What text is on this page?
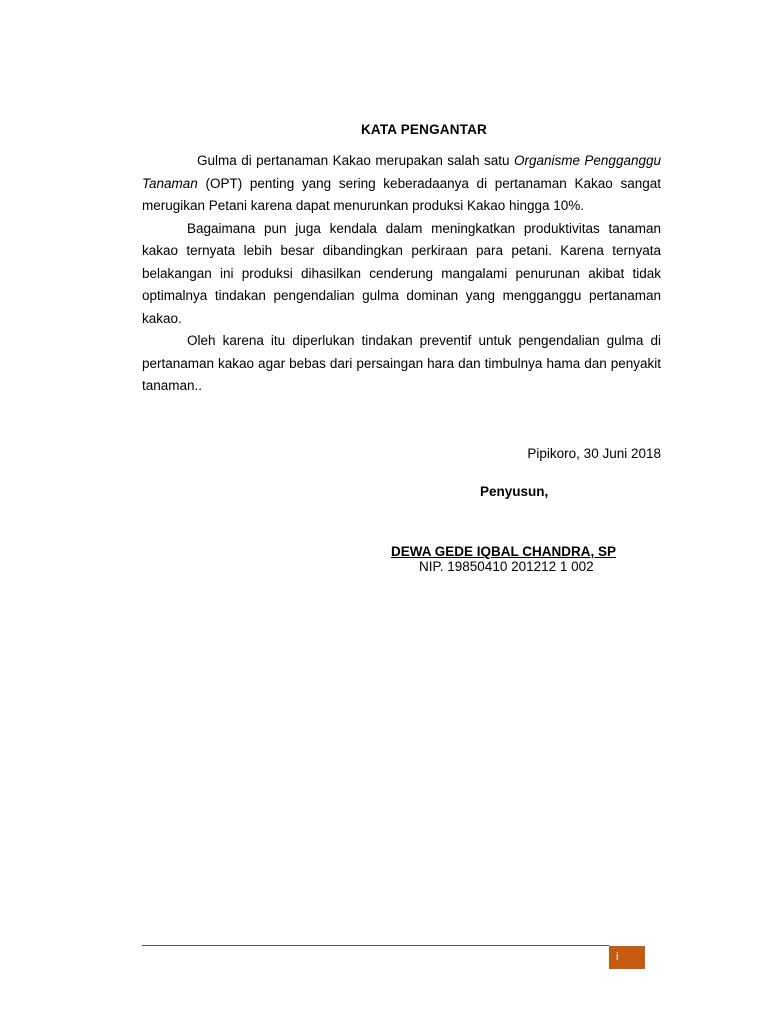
KATA PENGANTAR

Gulma di pertanaman Kakao merupakan salah satu Organisme Pengganggu Tanaman (OPT) penting yang sering keberadaanya di pertanaman Kakao sangat merugikan Petani karena dapat menurunkan produksi Kakao hingga 10%.

Bagaimana pun juga kendala dalam meningkatkan produktivitas tanaman kakao ternyata lebih besar dibandingkan perkiraan para petani. Karena ternyata belakangan ini produksi dihasilkan cenderung mangalami penurunan akibat tidak optimalnya tindakan pengendalian gulma dominan yang mengganggu pertanaman kakao.

Oleh karena itu diperlukan tindakan preventif untuk pengendalian gulma di pertanaman kakao agar bebas dari persaingan hara dan timbulnya hama dan penyakit tanaman..

Pipikoro, 30 Juni 2018
Penyusun,
DEWA GEDE IQBAL CHANDRA, SP
NIP. 19850410 201212 1 002
i
